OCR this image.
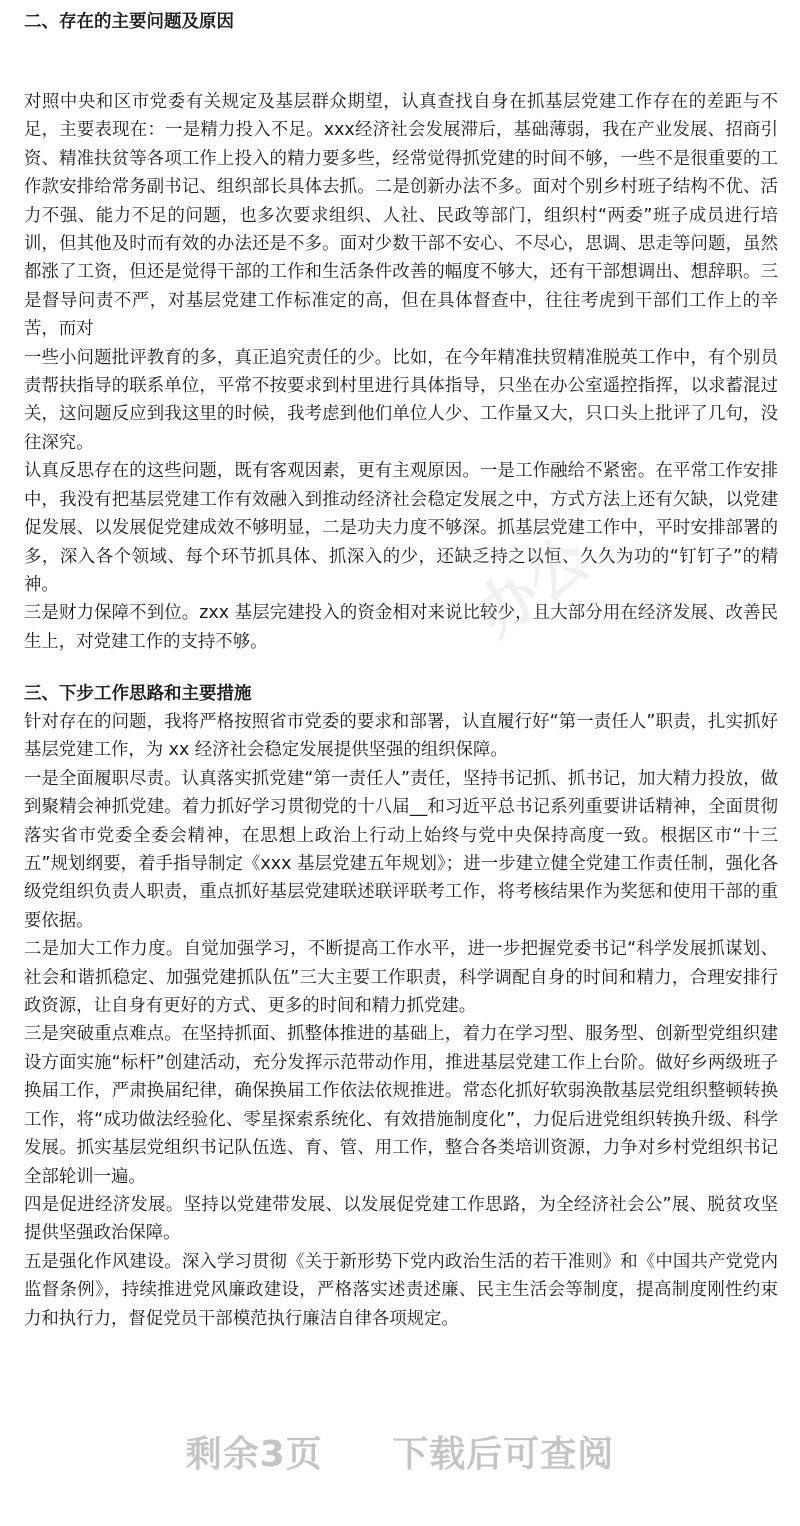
二、存在的主要问题及原因

对照中央和区市党委有关规定及基层群众期望，认真查找自身在抓基层党建工作存在的差距与不足，主要表现在：一是精力投入不足。xxx经济社会发展滞后，基础薄弱，我在产业发展、招商引资、精准扶贫等各项工作上投入的精力要多些，经常觉得抓党建的时间不够，一些不是很重要的工作款安排给常务副书记、组织部长具体去抓。二是创新办法不多。面对个别乡村班子结构不优、活力不强、能力不足的问题，也多次要求组织、人社、民政等部门，组织村“两委”班子成员进行培训，但其他及时而有效的办法还是不多。面对少数干部不安心、不尽心，思调、思走等问题，虽然都涨了工资，但还是觉得干部的工作和生活条件改善的幅度不够大，还有干部想调出、想辞职。三是督导问责不严，对基层党建工作标准定的高，但在具体督查中，往往考虎到干部们工作上的辛苦，而对

一些小问题批评教育的多，真正追究责任的少。比如，在今年精准扶贸精准脱英工作中，有个别员责帮扶指导的联系单位，平常不按要求到村里进行具体指导，只坐在办公室遥控指挥，以求蓄混过关，这问题反应到我这里的时候，我考虑到他们单位人少、工作量又大，只口头上批评了几句，没往深究。

认真反思存在的这些问题，既有客观因素，更有主观原因。一是工作融给不紧密。在平常工作安排中，我没有把基层党建工作有效融入到推动经济社会稳定发展之中，方式方法上还有欠缺，以党建促发展、以发展促党建成效不够明显，二是功夫力度不够深。抓基层党建工作中，平时安排部署的多，深入各个领域、每个环节抓具体、抓深入的少，还缺乏持之以恒、久久为功的“钉钉子”的精神。

三是财力保障不到位。zxx 基层完建投入的资金相对来说比较少，且大部分用在经济发展、改善民生上，对党建工作的支持不够。

三、下步工作思路和主要措施

针对存在的问题，我将严格按照省市党委的要求和部署，认直履行好“第一责任人”职责，扎实抓好基层党建工作，为 xx 经济社会稳定发展提供坚强的组织保障。

一是全面履职尽责。认真落实抓党建“第一责任人”责任，坚持书记抓、抓书记，加大精力投放，做到聚精会神抓党建。着力抓好学习贯彻党的十八届__和习近平总书记系列重要讲话精神，全面贯彻落实省市党委全委会精神，在思想上政治上行动上始终与党中央保持高度一致。根据区市“十三五”规划纲要，着手指导制定《xxx 基层党建五年规划》；进一步建立健全党建工作责任制，强化各级党组织负责人职责，重点抓好基层党建联述联评联考工作，将考核结果作为奖惩和使用干部的重要依据。

二是加大工作力度。自觉加强学习，不断提高工作水平，进一步把握党委书记“科学发展抓谋划、社会和谐抓稳定、加强党建抓队伍”三大主要工作职责，科学调配自身的时间和精力，合理安排行政资源，让自身有更好的方式、更多的时间和精力抓党建。

三是突破重点难点。在坚持抓面、抓整体推进的基础上，着力在学习型、服务型、创新型党组织建设方面实施“标杆”创建活动，充分发挥示范带动作用，推进基层党建工作上台阶。做好乡两级班子换届工作，严肃换届纪律，确保换届工作依法依规推进。常态化抓好软弱涣散基层党组织整顿转换工作，将“成功做法经验化、零星探索系统化、有效措施制度化”，力促后进党组织转换升级、科学发展。抓实基层党组织书记队伍选、育、管、用工作，整合各类培训资源，力争对乡村党组织书记全部轮训一遍。

四是促进经济发展。坚持以党建带发展、以发展促党建工作思路，为全经济社会公”展、脱贫攻坚提供坚强政治保障。

五是强化作风建设。深入学习贯彻《关于新形势下党内政治生活的若干准则》和《中国共产党党内监督条例》，持续推进党风廉政建设，严格落实述责述廉、民主生活会等制度，提高制度刚性约束力和执行力，督促党员干部模范执行廉洁自律各项规定。

办公
剩余3页 下载后可查阅
